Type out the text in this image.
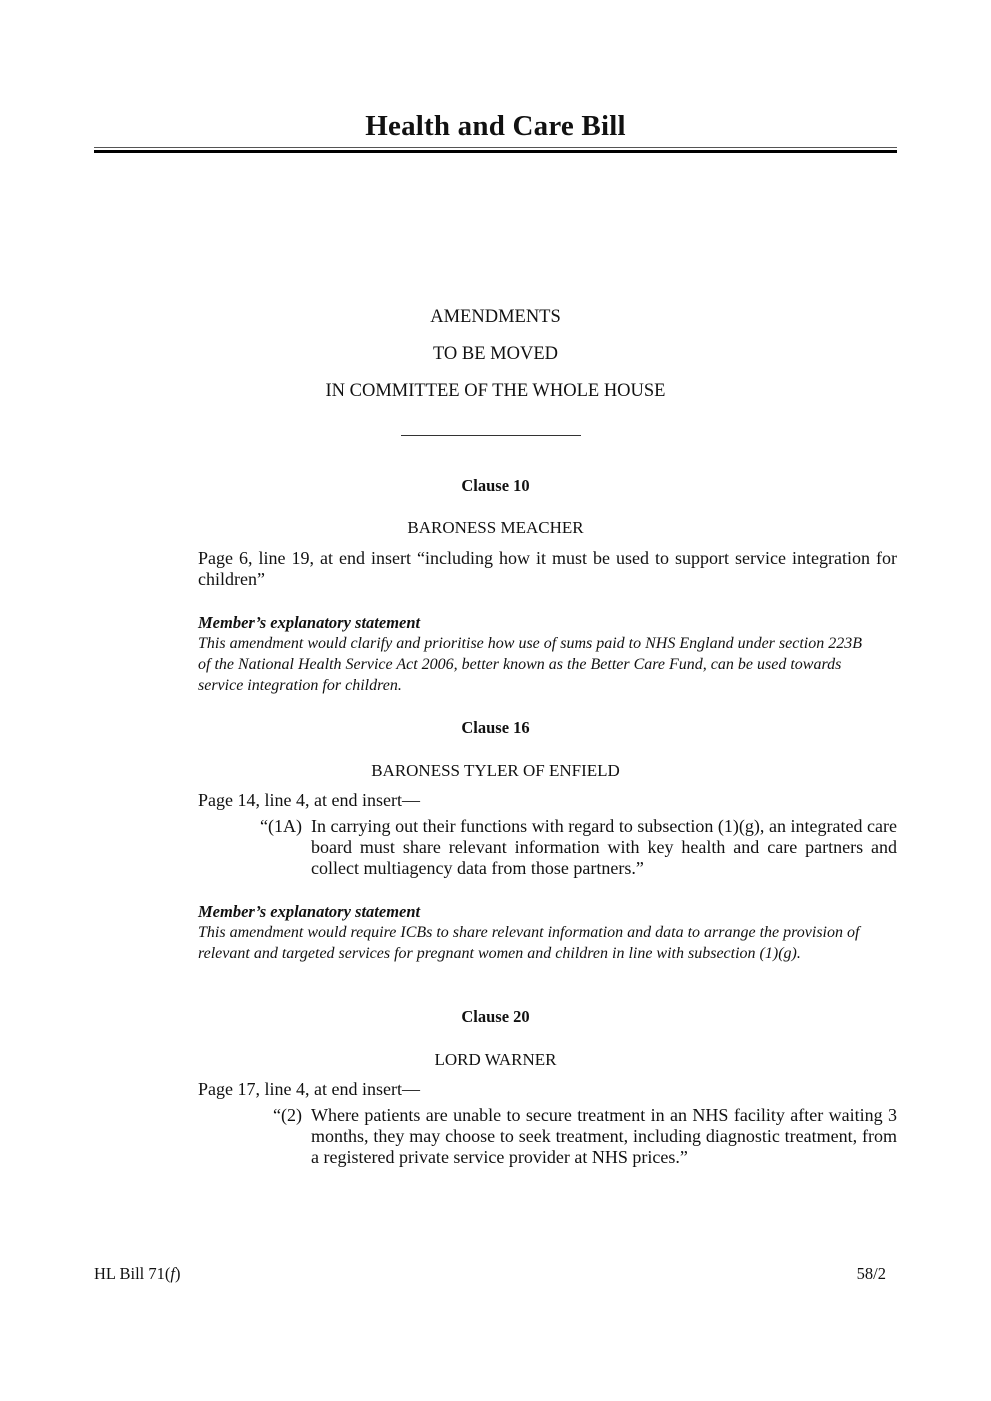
Health and Care Bill
AMENDMENTS
TO BE MOVED
IN COMMITTEE OF THE WHOLE HOUSE
Clause 10
BARONESS MEACHER
Page 6, line 19, at end insert “including how it must be used to support service integration for children”
Member’s explanatory statement
This amendment would clarify and prioritise how use of sums paid to NHS England under section 223B of the National Health Service Act 2006, better known as the Better Care Fund, can be used towards service integration for children.
Clause 16
BARONESS TYLER OF ENFIELD
Page 14, line 4, at end insert—
“(1A) In carrying out their functions with regard to subsection (1)(g), an integrated care board must share relevant information with key health and care partners and collect multiagency data from those partners.”
Member’s explanatory statement
This amendment would require ICBs to share relevant information and data to arrange the provision of relevant and targeted services for pregnant women and children in line with subsection (1)(g).
Clause 20
LORD WARNER
Page 17, line 4, at end insert—
“(2) Where patients are unable to secure treatment in an NHS facility after waiting 3 months, they may choose to seek treatment, including diagnostic treatment, from a registered private service provider at NHS prices.”
HL Bill 71(f)	58/2
